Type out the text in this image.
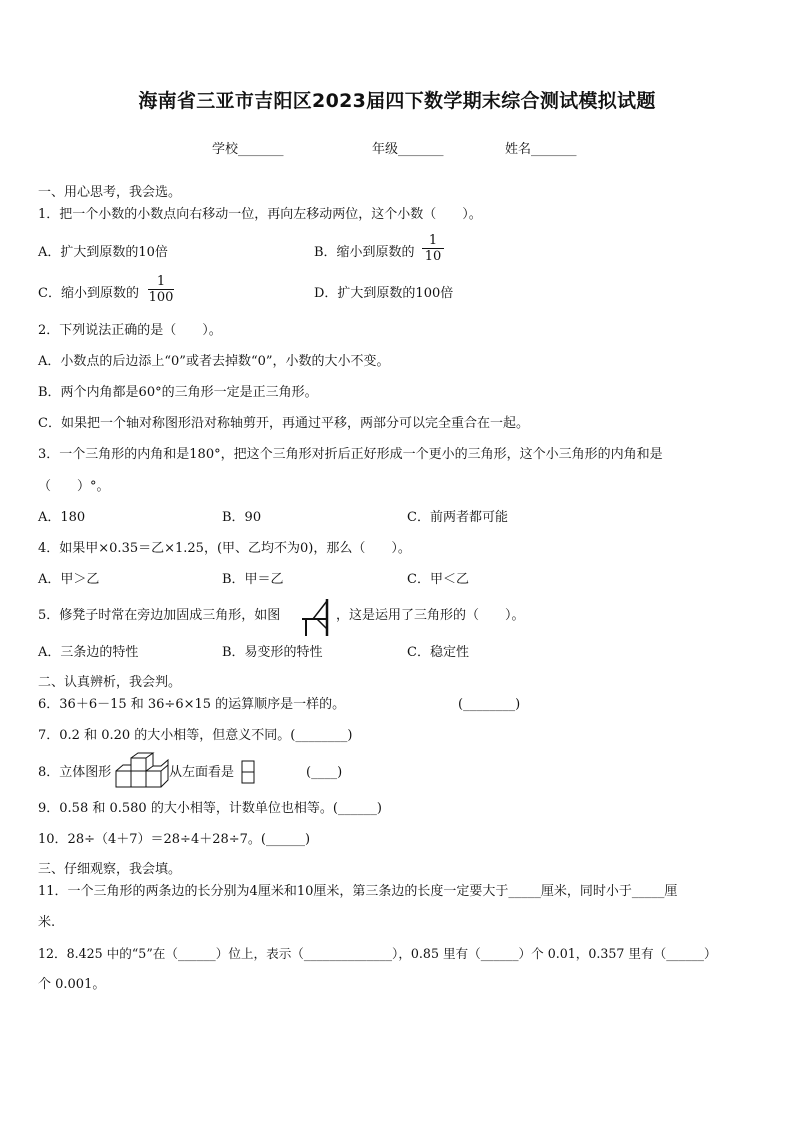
海南省三亚市吉阳区2023届四下数学期末综合测试模拟试题
学校_______	年级_______	姓名_______
一、用心思考，我会选。
1．把一个小数的小数点向右移动一位，再向左移动两位，这个小数（　　）。
A．扩大到原数的10倍	B．缩小到原数的
1
10
C．缩小到原数的
1
100	D．扩大到原数的100倍
2．下列说法正确的是（　　）。
A．小数点的后边添上“0”或者去掉数“0”，小数的大小不变。
B．两个内角都是60°的三角形一定是正三角形。
C．如果把一个轴对称图形沿对称轴剪开，再通过平移，两部分可以完全重合在一起。
3．一个三角形的内角和是180°，把这个三角形对折后正好形成一个更小的三角形，这个小三角形的内角和是
（　　）°。
A．180	B．90	C．前两者都可能
4．如果甲×0.35＝乙×1.25，(甲、乙均不为0)，那么（　　）。
A．甲＞乙	B．甲＝乙	C．甲＜乙
5．修凳子时常在旁边加固成三角形，如图	，这是运用了三角形的（　　）。
A．三条边的特性	B．易变形的特性	C．稳定性
二、认真辨析，我会判。
6．36＋6－15 和 36÷6×15 的运算顺序是一样的。	(________)
7．0.2 和 0.20 的大小相等，但意义不同。(________)
8．立体图形	从左面看是	(____)
9．0.58 和 0.580 的大小相等，计数单位也相等。(______)
10．28÷（4＋7）＝28÷4＋28÷7。(______)
三、仔细观察，我会填。
11．一个三角形的两条边的长分别为4厘米和10厘米，第三条边的长度一定要大于_____厘米，同时小于_____厘
米.
12．8.425 中的“5”在（______）位上，表示（______________），0.85 里有（______）个 0.01，0.357 里有（______）
个 0.001。
